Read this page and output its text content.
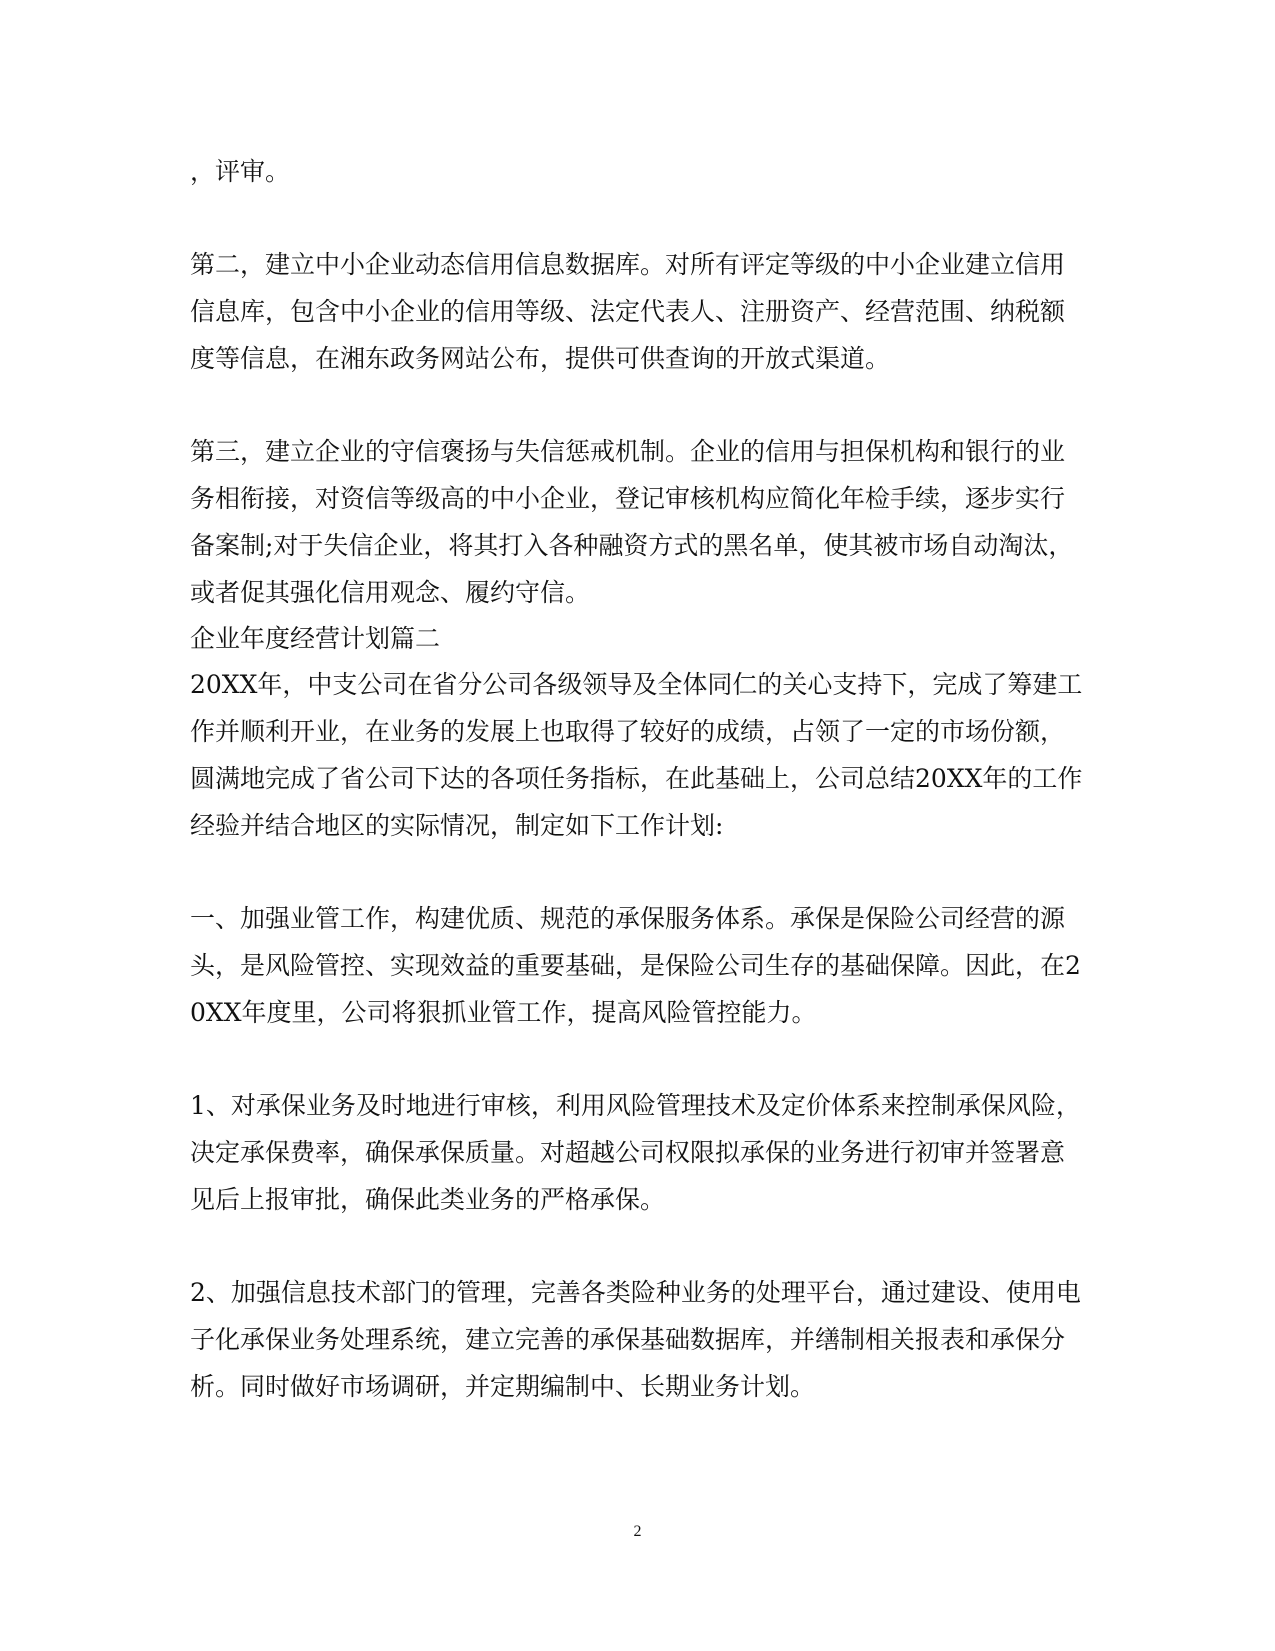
，评审。

第二，建立中小企业动态信用信息数据库。对所有评定等级的中小企业建立信用

信息库，包含中小企业的信用等级、法定代表人、注册资产、经营范围、纳税额

度等信息，在湘东政务网站公布，提供可供查询的开放式渠道。

第三，建立企业的守信褒扬与失信惩戒机制。企业的信用与担保机构和银行的业

务相衔接，对资信等级高的中小企业，登记审核机构应简化年检手续，逐步实行

备案制;对于失信企业，将其打入各种融资方式的黑名单，使其被市场自动淘汰，

或者促其强化信用观念、履约守信。

企业年度经营计划篇二

20XX年，中支公司在省分公司各级领导及全体同仁的关心支持下，完成了筹建工

作并顺利开业，在业务的发展上也取得了较好的成绩，占领了一定的市场份额，

圆满地完成了省公司下达的各项任务指标，在此基础上，公司总结20XX年的工作

经验并结合地区的实际情况，制定如下工作计划:

一、加强业管工作，构建优质、规范的承保服务体系。承保是保险公司经营的源

头，是风险管控、实现效益的重要基础，是保险公司生存的基础保障。因此，在2

0XX年度里，公司将狠抓业管工作，提高风险管控能力。

1、对承保业务及时地进行审核，利用风险管理技术及定价体系来控制承保风险，

决定承保费率，确保承保质量。对超越公司权限拟承保的业务进行初审并签署意

见后上报审批，确保此类业务的严格承保。

2、加强信息技术部门的管理，完善各类险种业务的处理平台，通过建设、使用电

子化承保业务处理系统，建立完善的承保基础数据库，并缮制相关报表和承保分

析。同时做好市场调研，并定期编制中、长期业务计划。

2
